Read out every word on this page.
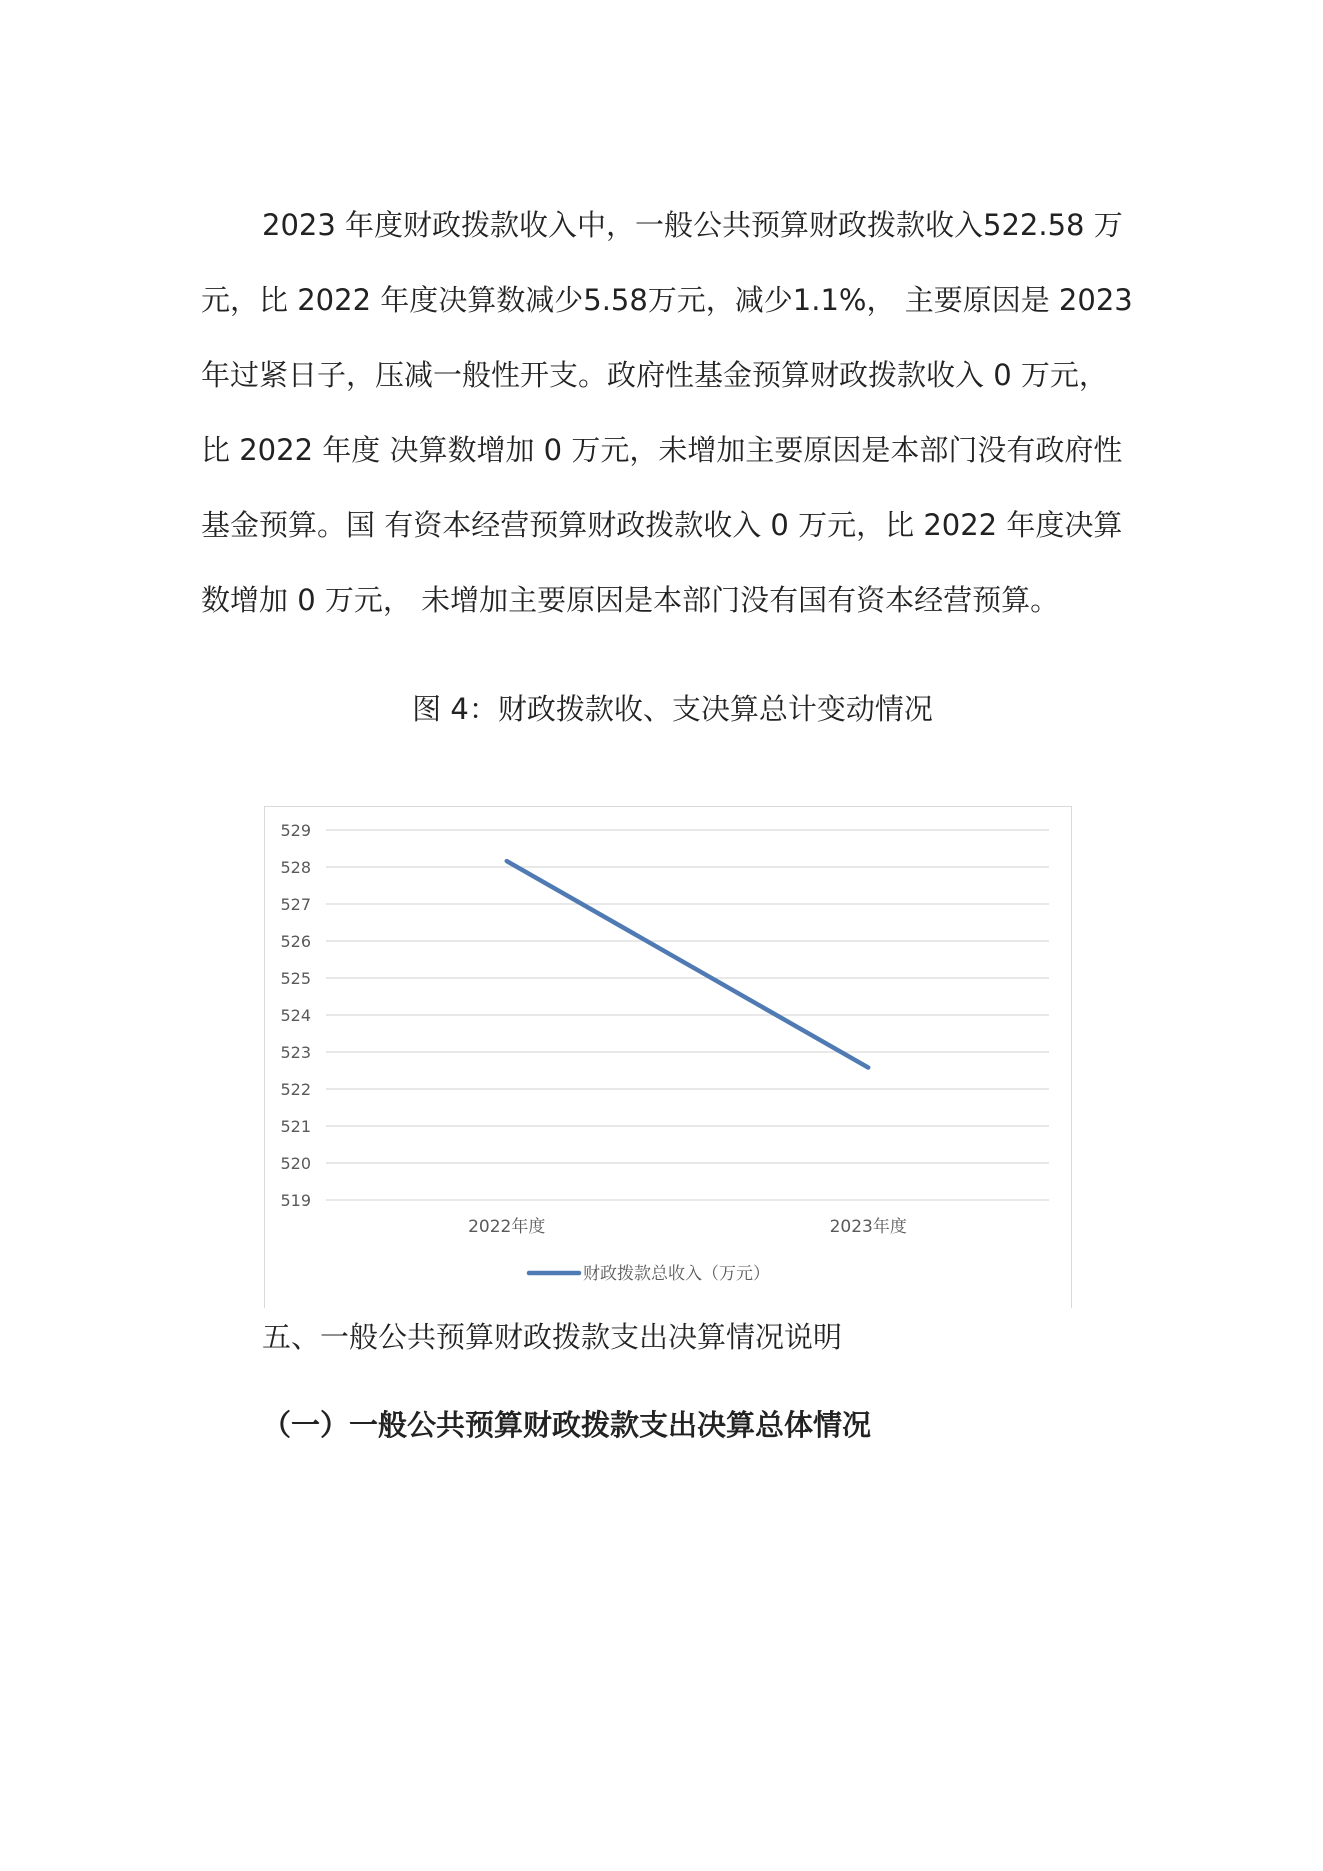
2023 年度财政拨款收入中，一般公共预算财政拨款收入522.58 万
元，比 2022 年度决算数减少5.58万元，减少1.1%， 主要原因是 2023
年过紧日子，压减一般性开支。政府性基金预算财政拨款收入 0 万元，
比 2022 年度 决算数增加 0 万元，未增加主要原因是本部门没有政府性
基金预算。国 有资本经营预算财政拨款收入 0 万元，比 2022 年度决算
数增加 0 万元， 未增加主要原因是本部门没有国有资本经营预算。
图 4：财政拨款收、支决算总计变动情况
529
528
527
526
525
524
523
522
521
520
519
2022年度	2023年度
财政拨款总收入（万元）
五、一般公共预算财政拨款支出决算情况说明
（一）一般公共预算财政拨款支出决算总体情况
